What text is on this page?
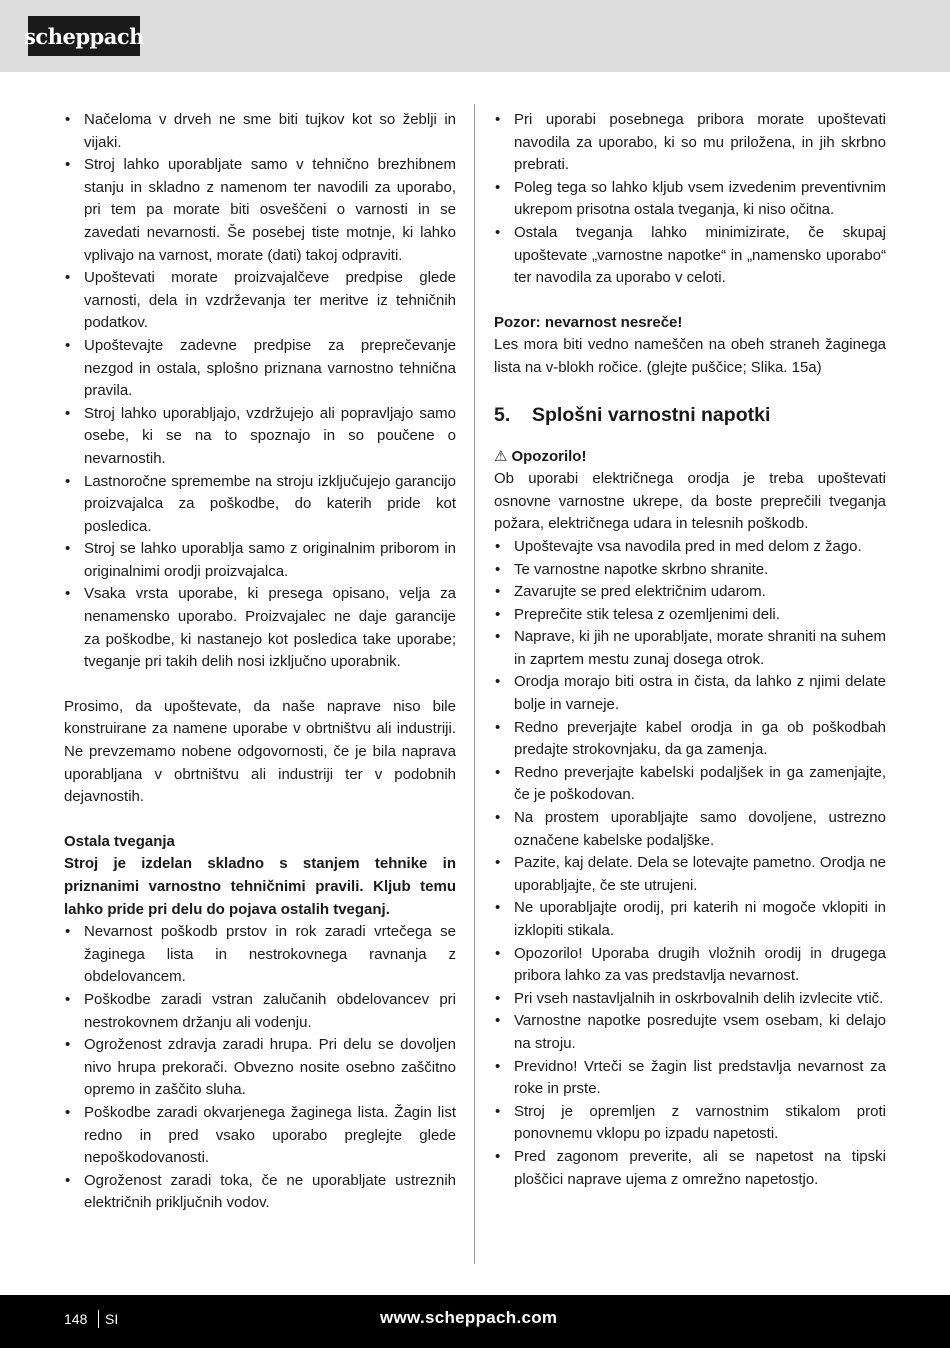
scheppach
• Načeloma v drveh ne sme biti tujkov kot so žeblji in vijaki.
• Stroj lahko uporabljate samo v tehnično brezhibnem stanju in skladno z namenom ter navodili za uporabo, pri tem pa morate biti osveščeni o varnosti in se zavedati nevarnosti. Še posebej tiste motnje, ki lahko vplivajo na varnost, morate (dati) takoj odpraviti.
• Upoštevati morate proizvajalčeve predpise glede varnosti, dela in vzdrževanja ter meritve iz tehničnih podatkov.
• Upoštevajte zadevne predpise za preprečevanje nezgod in ostala, splošno priznana varnostno tehnična pravila.
• Stroj lahko uporabljajo, vzdržujejo ali popravljajo samo osebe, ki se na to spoznajo in so poučene o nevarnostih.
• Lastnoročne spremembe na stroju izključujejo garancijo proizvajalca za poškodbe, do katerih pride kot posledica.
• Stroj se lahko uporablja samo z originalnim priborom in originalnimi orodji proizvajalca.
• Vsaka vrsta uporabe, ki presega opisano, velja za nenamensko uporabo. Proizvajalec ne daje garancije za poškodbe, ki nastanejo kot posledica take uporabe; tveganje pri takih delih nosi izključno uporabnik.

Prosimo, da upoštevate, da naše naprave niso bile konstruirane za namene uporabe v obrtništvu ali industriji. Ne prevzemamo nobene odgovornosti, če je bila naprava uporabljana v obrtništvu ali industriji ter v podobnih dejavnostih.

Ostala tveganja

Stroj je izdelan skladno s stanjem tehnike in priznanimi varnostno tehničnimi pravili. Kljub temu lahko pride pri delu do pojava ostalih tveganj.

• Nevarnost poškodb prstov in rok zaradi vrtečega se žaginega lista in nestrokovnega ravnanja z obdelovancem.
• Poškodbe zaradi vstran zalučanih obdelovancev pri nestrokovnem držanju ali vodenju.
• Ogroženost zdravja zaradi hrupa. Pri delu se dovoljen nivo hrupa prekorači. Obvezno nosite osebno zaščitno opremo in zaščito sluha.
• Poškodbe zaradi okvarjenega žaginega lista. Žagin list redno in pred vsako uporabo preglejte glede nepoškodovanosti.
• Ogroženost zaradi toka, če ne uporabljate ustreznih električnih priključnih vodov.
• Pri uporabi posebnega pribora morate upoštevati navodila za uporabo, ki so mu priložena, in jih skrbno prebrati.
• Poleg tega so lahko kljub vsem izvedenim preventivnim ukrepom prisotna ostala tveganja, ki niso očitna.
• Ostala tveganja lahko minimizirate, če skupaj upoštevate „varnostne napotke“ in „namensko uporabo“ ter navodila za uporabo v celoti.

Pozor: nevarnost nesreče!

Les mora biti vedno nameščen na obeh straneh žaginega lista na v-blokh ročice. (glejte puščice; Slika. 15a)

5. Splošni varnostni napotki

⚠ Opozorilo!

Ob uporabi električnega orodja je treba upoštevati osnovne varnostne ukrepe, da boste preprečili tveganja požara, električnega udara in telesnih poškodb.

• Upoštevajte vsa navodila pred in med delom z žago.
• Te varnostne napotke skrbno shranite.
• Zavarujte se pred električnim udarom.
• Preprečite stik telesa z ozemljenimi deli.
• Naprave, ki jih ne uporabljate, morate shraniti na suhem in zaprtem mestu zunaj dosega otrok.
• Orodja morajo biti ostra in čista, da lahko z njimi delate bolje in varneje.
• Redno preverjajte kabel orodja in ga ob poškodbah predajte strokovnjaku, da ga zamenja.
• Redno preverjajte kabelski podaljšek in ga zamenjajte, če je poškodovan.
• Na prostem uporabljajte samo dovoljene, ustrezno označene kabelske podaljške.
• Pazite, kaj delate. Dela se lotevajte pametno. Orodja ne uporabljajte, če ste utrujeni.
• Ne uporabljajte orodij, pri katerih ni mogoče vklopiti in izklopiti stikala.
• Opozorilo! Uporaba drugih vložnih orodij in drugega pribora lahko za vas predstavlja nevarnost.
• Pri vseh nastavljalnih in oskrbovalnih delih izvlecite vtič.
• Varnostne napotke posredujte vsem osebam, ki delajo na stroju.
• Previdno! Vrteči se žagin list predstavlja nevarnost za roke in prste.
• Stroj je opremljen z varnostnim stikalom proti ponovnemu vklopu po izpadu napetosti.
• Pred zagonom preverite, ali se napetost na tipski ploščici naprave ujema z omrežno napetostjo.
148 SI	www.scheppach.com
